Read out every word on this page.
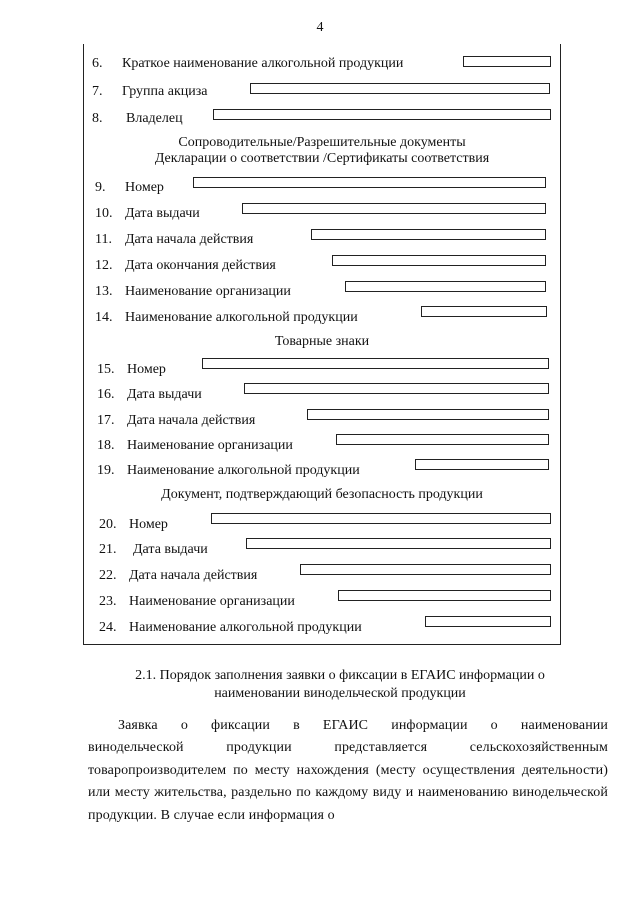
4
6. Краткое наименование алкогольной продукции
7. Группа акциза
8. Владелец
Сопроводительные/Разрешительные документы
Декларации о соответствии /Сертификаты соответствия
9. Номер
10. Дата выдачи
11. Дата начала действия
12. Дата окончания действия
13. Наименование организации
14. Наименование алкогольной продукции
Товарные знаки
15. Номер
16. Дата выдачи
17. Дата начала действия
18. Наименование организации
19. Наименование алкогольной продукции
Документ, подтверждающий безопасность продукции
20. Номер
21. Дата выдачи
22. Дата начала действия
23. Наименование организации
24. Наименование алкогольной продукции
2.1. Порядок заполнения заявки о фиксации в ЕГАИС информации о
наименовании винодельческой продукции

Заявка о фиксации в ЕГАИС информации о наименовании

винодельческой продукции представляется сельскохозяйственным товаропроизводителем по месту нахождения (месту осуществления деятельности) или месту жительства, раздельно по каждому виду и наименованию винодельческой продукции. В случае если информация о
